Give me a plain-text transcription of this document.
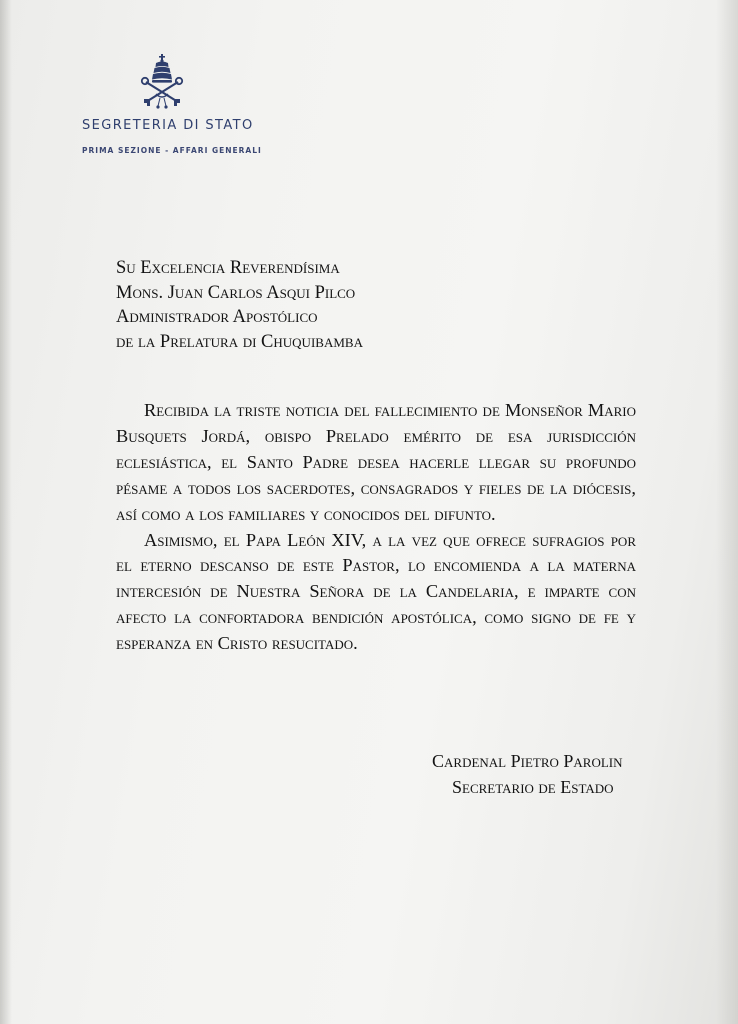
SEGRETERIA DI STATO

PRIMA SEZIONE - AFFARI GENERALI

Su Excelencia Reverendísima
Mons. Juan Carlos Asqui Pilco
Administrador Apostólico
de la Prelatura di Chuquibamba

Recibida la triste noticia del fallecimiento de Monseñor Mario Busquets Jordá, obispo Prelado emérito de esa jurisdicción eclesiástica, el Santo Padre desea hacerle llegar su profundo pésame a todos los sacerdotes, consagrados y fieles de la diócesis, así como a los familiares y conocidos del difunto.

Asimismo, el Papa León XIV, a la vez que ofrece sufragios por el eterno descanso de este Pastor, lo encomienda a la materna intercesión de Nuestra Señora de la Candelaria, e imparte con afecto la confortadora bendición apostólica, como signo de fe y esperanza en Cristo resucitado.

Cardenal Pietro Parolin
Secretario de Estado
